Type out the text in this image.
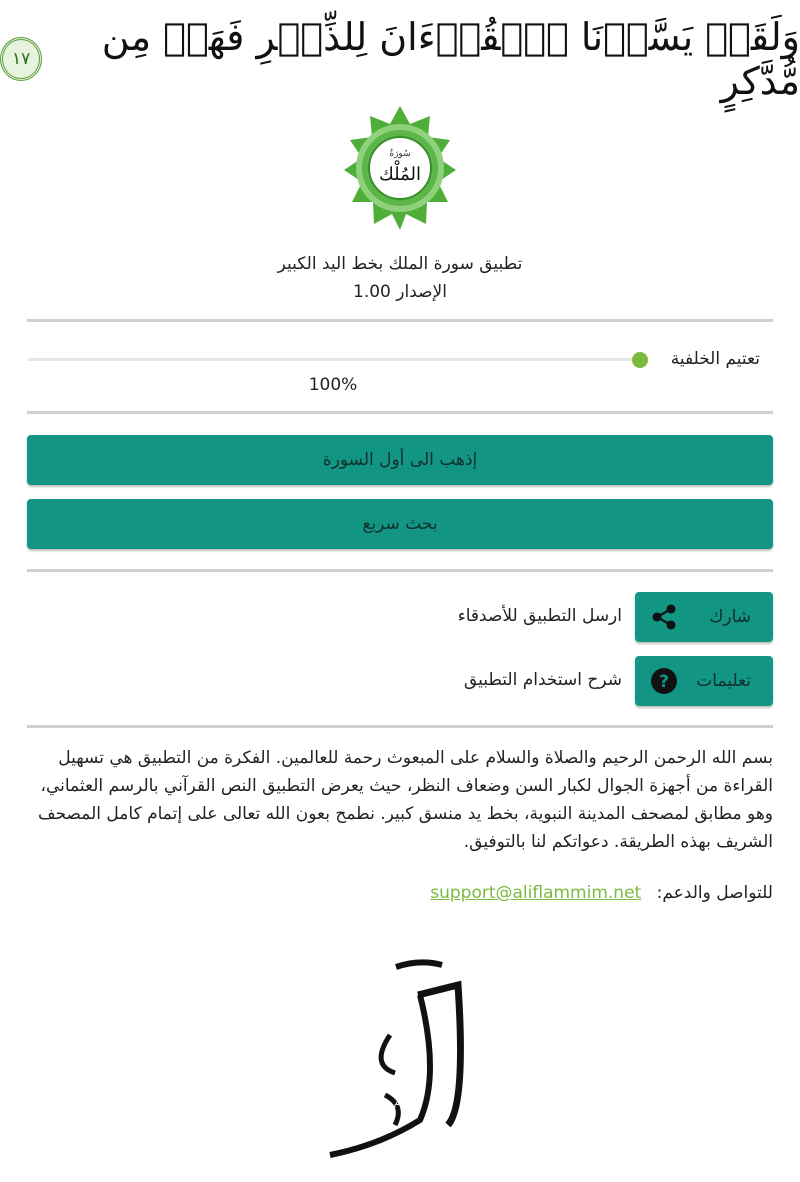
وَلَقَدۡ يَسَّرۡنَا ٱلۡقُرۡءَانَ لِلذِّكۡرِ فَهَلۡ مِن مُّدَّكِرٍ
١٧
سُورَةُ
المُلْك
تطبيق سورة الملك بخط اليد الكبير
الإصدار 1.00
تعتيم الخلفية
100%
إذهب الى أول السورة
بحث سريع
شارك
ارسل التطبيق للأصدقاء
? تعليمات
شرح استخدام التطبيق
بسم الله الرحمن الرحيم والصلاة والسلام على المبعوث رحمة للعالمين. الفكرة من التطبيق هي تسهيل القراءة من أجهزة الجوال لكبار السن وضعاف النظر، حيث يعرض التطبيق النص القرآني بالرسم العثماني، وهو مطابق لمصحف المدينة النبوية، بخط يد منسق كبير. نطمح بعون الله تعالى على إتمام كامل المصحف الشريف بهذه الطريقة. دعواتكم لنا بالتوفيق.
للتواصل والدعم: support@aliflammim.net
الم
